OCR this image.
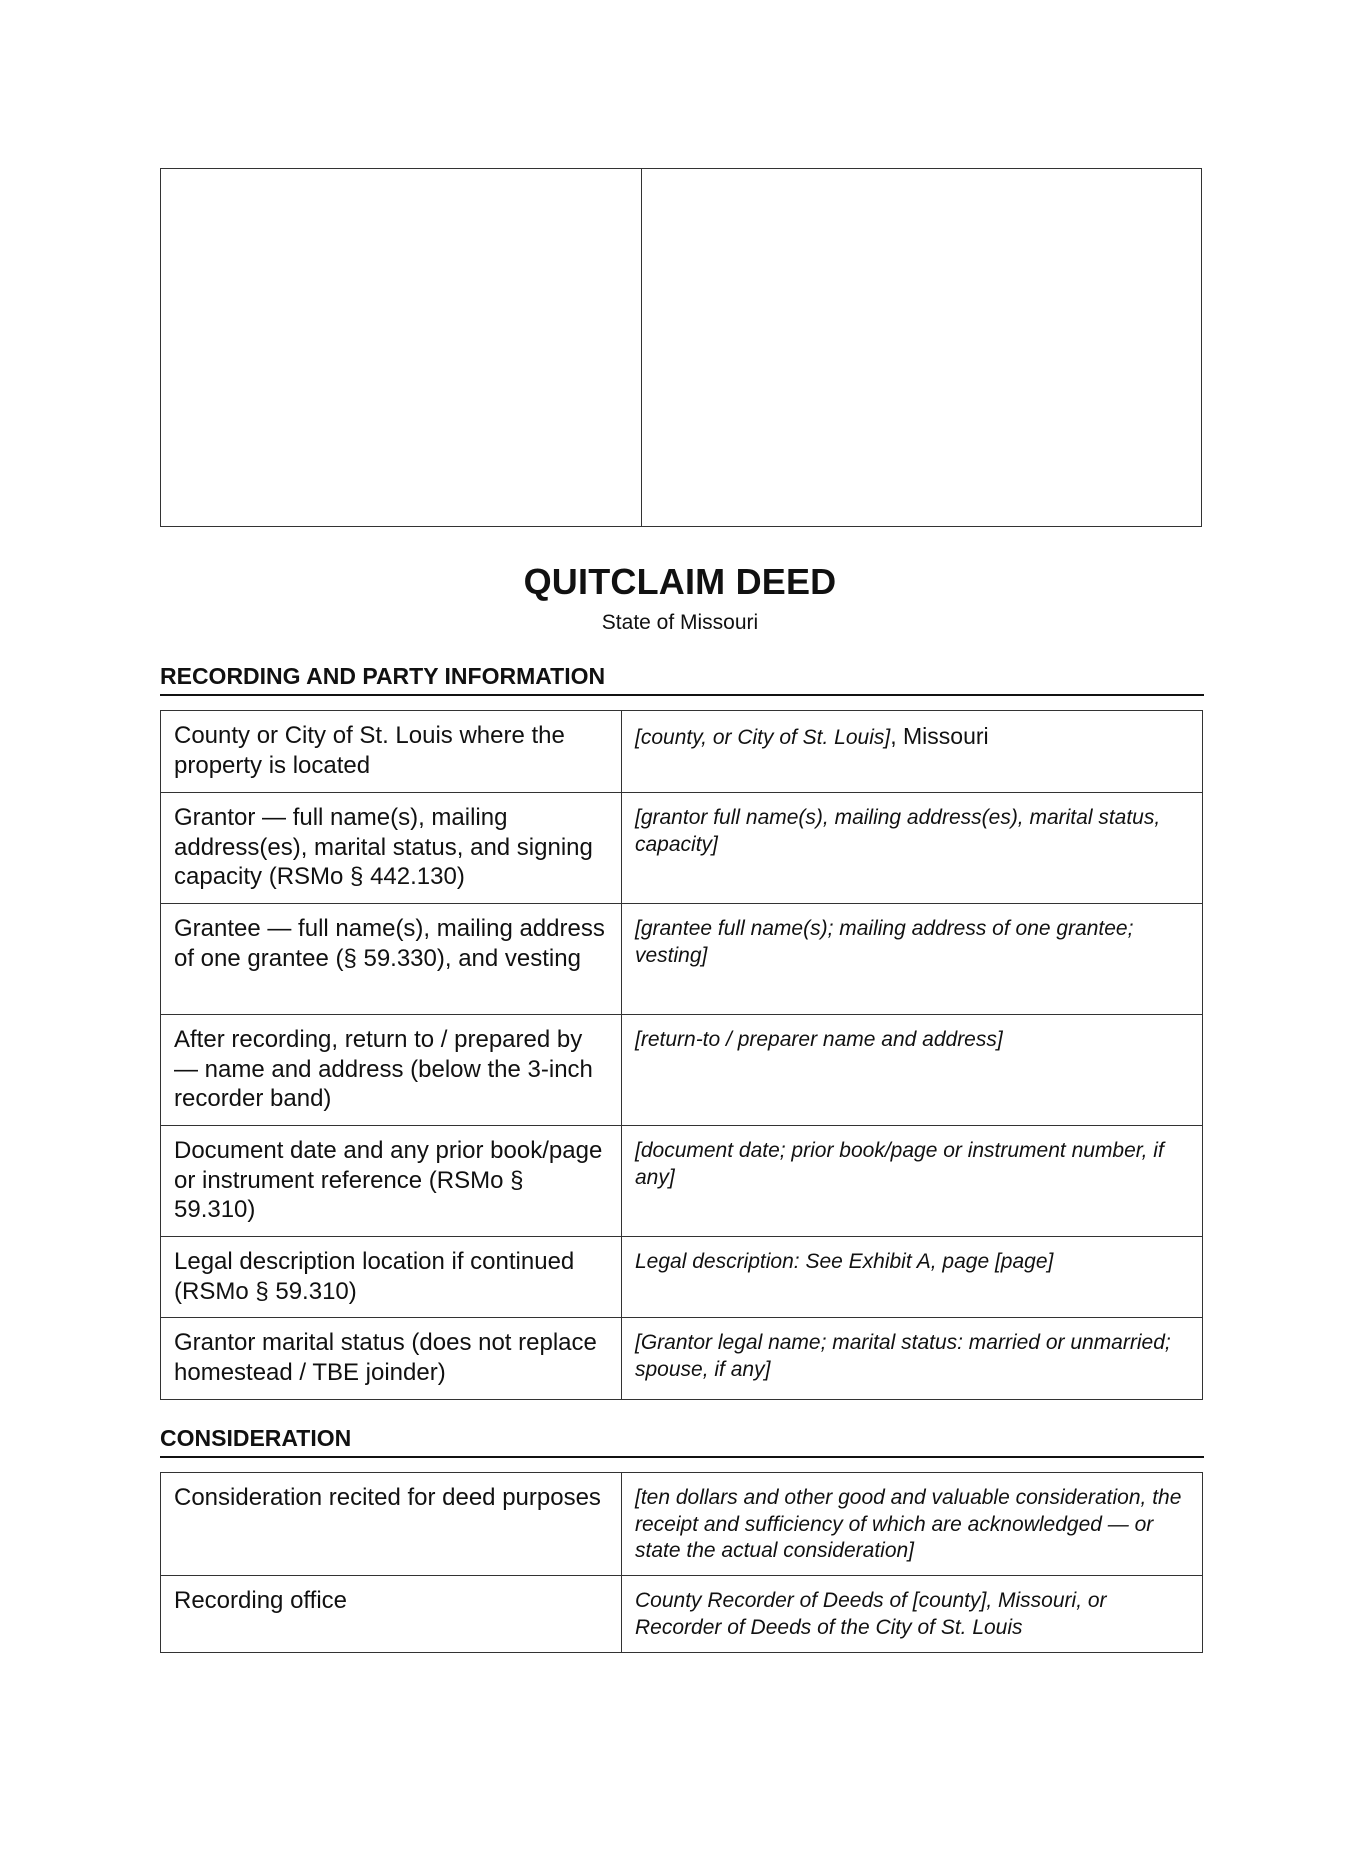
QUITCLAIM DEED
State of Missouri
RECORDING AND PARTY INFORMATION
County or City of St. Louis where the property is located	[county, or City of St. Louis], Missouri
Grantor — full name(s), mailing address(es), marital status, and signing capacity (RSMo § 442.130)	[grantor full name(s), mailing address(es), marital status, capacity]
Grantee — full name(s), mailing address of one grantee (§ 59.330), and vesting	[grantee full name(s); mailing address of one grantee; vesting]
After recording, return to / prepared by — name and address (below the 3-inch recorder band)	[return-to / preparer name and address]
Document date and any prior book/page or instrument reference (RSMo § 59.310)	[document date; prior book/page or instrument number, if any]
Legal description location if continued (RSMo § 59.310)	Legal description: See Exhibit A, page [page]
Grantor marital status (does not replace homestead / TBE joinder)	[Grantor legal name; marital status: married or unmarried; spouse, if any]
CONSIDERATION
Consideration recited for deed purposes	[ten dollars and other good and valuable consideration, the receipt and sufficiency of which are acknowledged — or state the actual consideration]
Recording office	County Recorder of Deeds of [county], Missouri, or Recorder of Deeds of the City of St. Louis
